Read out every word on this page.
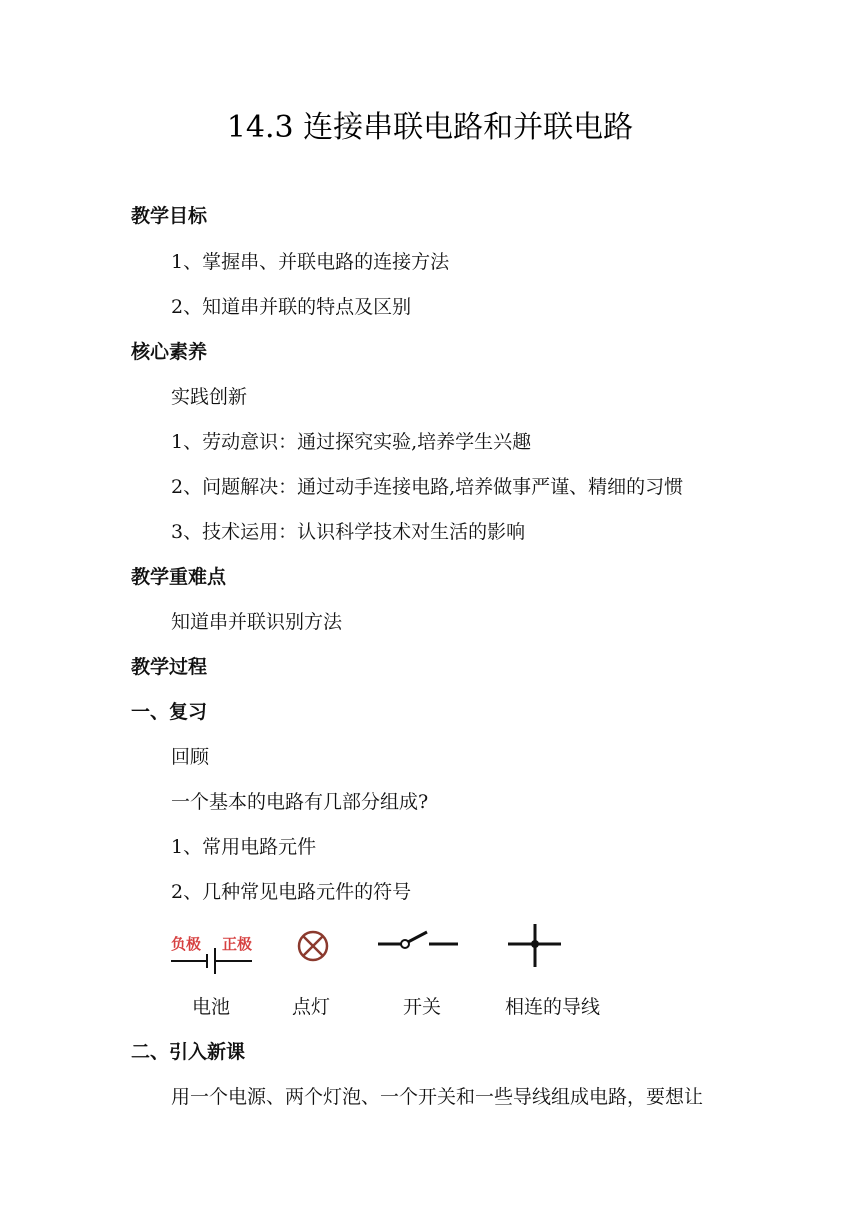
14.3 连接串联电路和并联电路
教学目标
1、掌握串、并联电路的连接方法
2、知道串并联的特点及区别
核心素养
实践创新
1、劳动意识：通过探究实验,培养学生兴趣
2、问题解决：通过动手连接电路,培养做事严谨、精细的习惯
3、技术运用：认识科学技术对生活的影响
教学重难点
知道串并联识别方法
教学过程
一、复习
回顾
一个基本的电路有几部分组成?
1、常用电路元件
2、几种常见电路元件的符号
负极 正极
电池	点灯	开关	相连的导线
二、引入新课
用一个电源、两个灯泡、一个开关和一些导线组成电路，要想让
